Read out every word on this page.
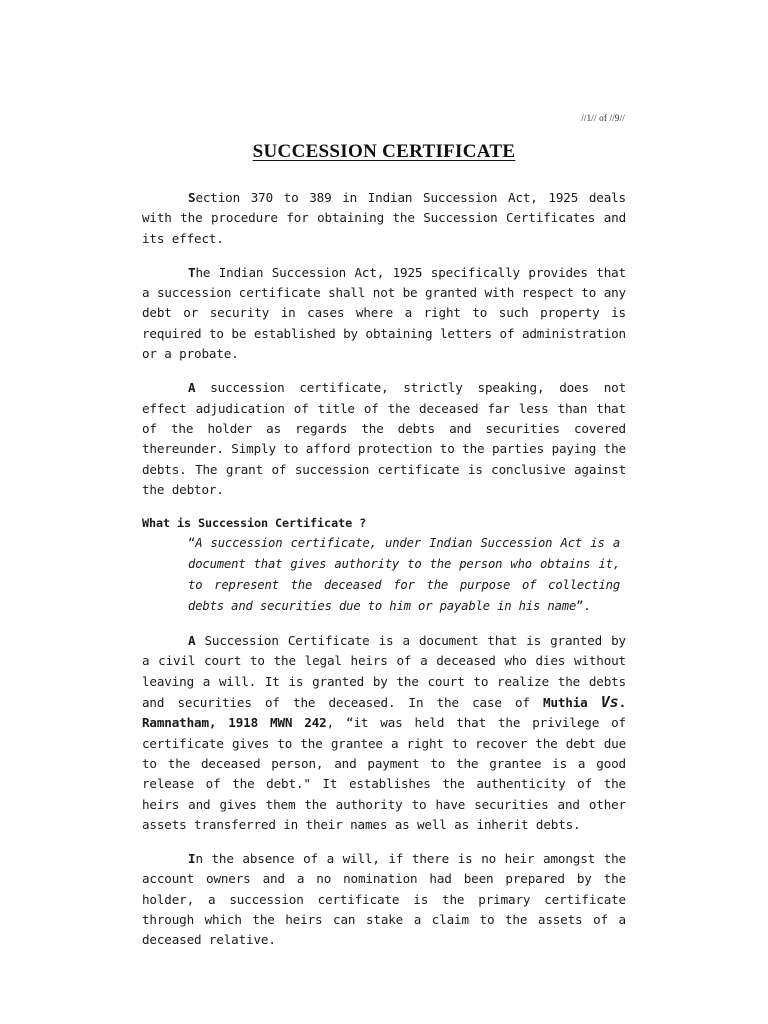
//1// of //9//
SUCCESSION CERTIFICATE

Section 370 to 389 in Indian Succession Act, 1925 deals with the procedure for obtaining the Succession Certificates and its effect.

The Indian Succession Act, 1925 specifically provides that a succession certificate shall not be granted with respect to any debt or security in cases where a right to such property is required to be established by obtaining letters of administration or a probate.

A succession certificate, strictly speaking, does not effect adjudication of title of the deceased far less than that of the holder as regards the debts and securities covered thereunder. Simply to afford protection to the parties paying the debts. The grant of succession certificate is conclusive against the debtor.

What is Succession Certificate ?
“A succession certificate, under Indian Succession Act is a document that gives authority to the person who obtains it, to represent the deceased for the purpose of collecting debts and securities due to him or payable in his name”.

A Succession Certificate is a document that is granted by a civil court to the legal heirs of a deceased who dies without leaving a will. It is granted by the court to realize the debts and securities of the deceased. In the case of Muthia Vs. Ramnatham, 1918 MWN 242, “it was held that the privilege of certificate gives to the grantee a right to recover the debt due to the deceased person, and payment to the grantee is a good release of the debt." It establishes the authenticity of the heirs and gives them the authority to have securities and other assets transferred in their names as well as inherit debts.

In the absence of a will, if there is no heir amongst the account owners and a no nomination had been prepared by the holder, a succession certificate is the primary certificate through which the heirs can stake a claim to the assets of a deceased relative.
